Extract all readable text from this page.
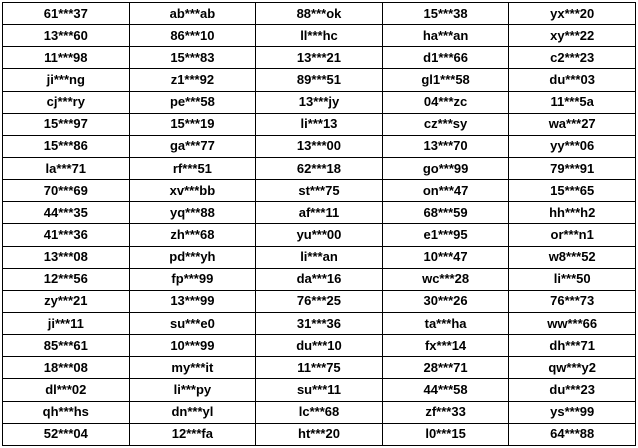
61***37	ab***ab	88***ok	15***38	yx***20
13***60	86***10	ll***hc	ha***an	xy***22
11***98	15***83	13***21	d1***66	c2***23
ji***ng	z1***92	89***51	gl1***58	du***03
cj***ry	pe***58	13***jy	04***zc	11***5a
15***97	15***19	li***13	cz***sy	wa***27
15***86	ga***77	13***00	13***70	yy***06
la***71	rf***51	62***18	go***99	79***91
70***69	xv***bb	st***75	on***47	15***65
44***35	yq***88	af***11	68***59	hh***h2
41***36	zh***68	yu***00	e1***95	or***n1
13***08	pd***yh	li***an	10***47	w8***52
12***56	fp***99	da***16	wc***28	li***50
zy***21	13***99	76***25	30***26	76***73
ji***11	su***e0	31***36	ta***ha	ww***66
85***61	10***99	du***10	fx***14	dh***71
18***08	my***it	11***75	28***71	qw***y2
dl***02	li***py	su***11	44***58	du***23
qh***hs	dn***yl	lc***68	zf***33	ys***99
52***04	12***fa	ht***20	l0***15	64***88
